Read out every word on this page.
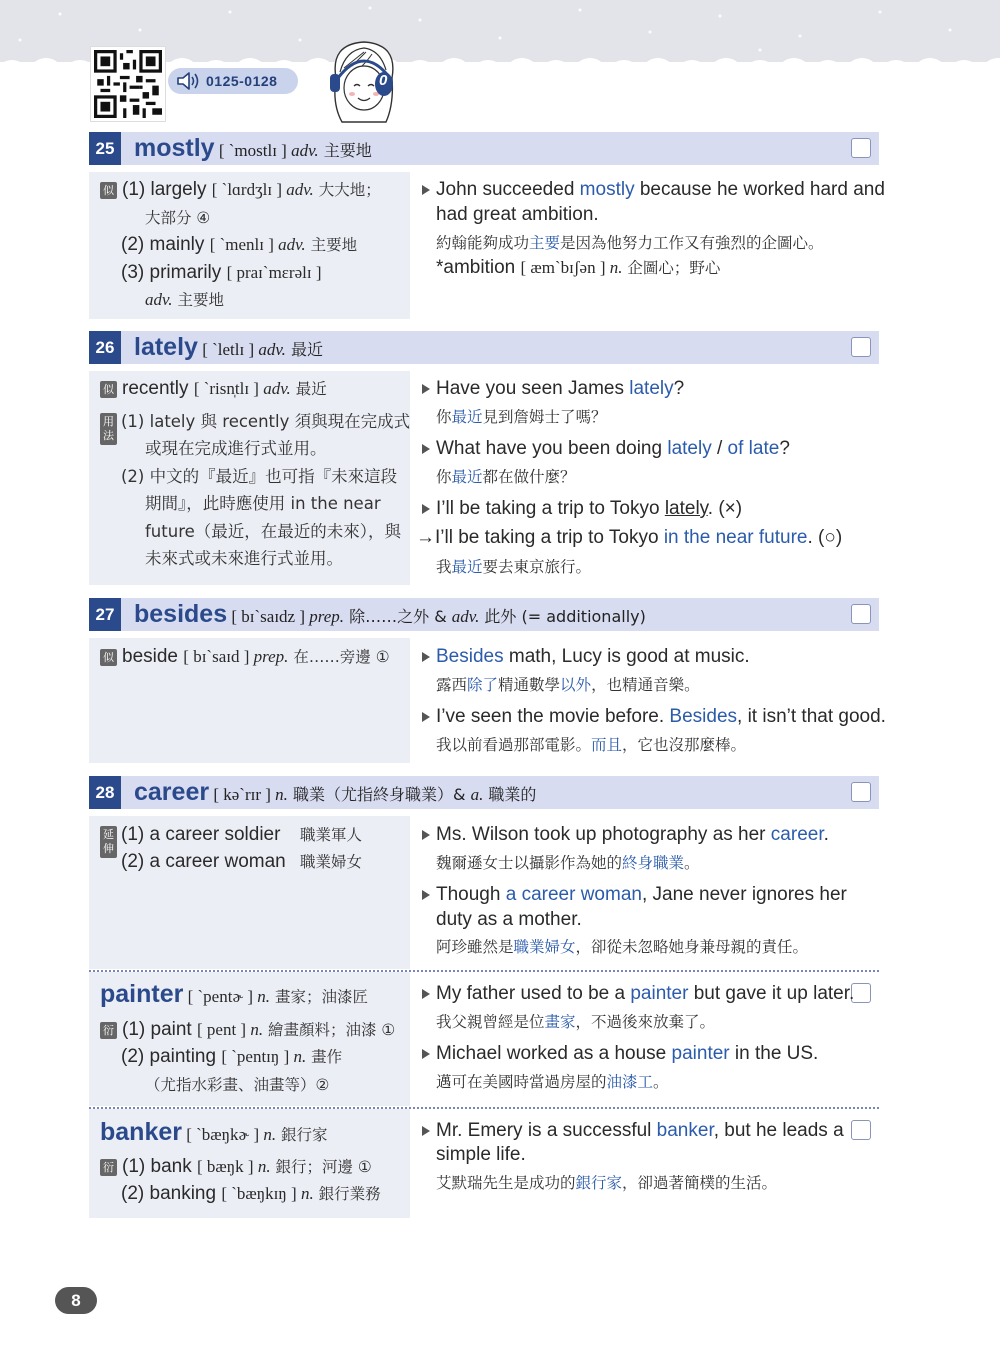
0125-0128	0
25 mostly [ ˋmostlɪ ] adv. 主要地
似 (1) largely [ ˋlɑrdʒlɪ ] adv. 大大地；
大部分 ④
(2) mainly [ ˋmenlɪ ] adv. 主要地
(3) primarily [ praɪˋmɛrəlɪ ]
adv. 主要地
John succeeded mostly because he worked hard and
had great ambition.
約翰能夠成功主要是因為他努力工作又有強烈的企圖心。
*ambition [ æmˋbɪʃən ] n. 企圖心；野心
26 lately [ ˋletlɪ ] adv. 最近
似 recently [ ˋrisn̩tlɪ ] adv. 最近
用
法
(1) lately 與 recently 須與現在完成式
或現在完成進行式並用。
(2) 中文的『最近』也可指『未來這段
期間』，此時應使用 in the near
future（最近，在最近的未來），與
未來式或未來進行式並用。
Have you seen James lately?
你最近見到詹姆士了嗎？
What have you been doing lately / of late?
你最近都在做什麼？
I’ll be taking a trip to Tokyo lately. (×)
→I’ll be taking a trip to Tokyo in the near future. (○)
我最近要去東京旅行。
27 besides [ bɪˋsaɪdz ] prep. 除……之外 & adv. 此外 (= additionally)
似 beside [ bɪˋsaɪd ] prep. 在……旁邊 ①	Besides math, Lucy is good at music.
露西除了精通數學以外，也精通音樂。
I’ve seen the movie before. Besides, it isn’t that good.
我以前看過那部電影。而且，它也沒那麼棒。
28 career [ kəˋrɪr ] n. 職業（尤指終身職業）& a. 職業的
延
伸
(1) a career soldier 職業軍人
(2) a career woman 職業婦女
Ms. Wilson took up photography as her career.
魏爾遜女士以攝影作為她的終身職業。
Though a career woman, Jane never ignores her
duty as a mother.
阿珍雖然是職業婦女，卻從未忽略她身兼母親的責任。
painter [ ˋpentɚ ] n. 畫家；油漆匠
衍 (1) paint [ pent ] n. 繪畫顏料；油漆 ①
(2) painting [ ˋpentɪŋ ] n. 畫作
（尤指水彩畫、油畫等）②
My father used to be a painter but gave it up later.
我父親曾經是位畫家，不過後來放棄了。
Michael worked as a house painter in the US.
邁可在美國時當過房屋的油漆工。
banker [ ˋbæŋkɚ ] n. 銀行家
衍 (1) bank [ bæŋk ] n. 銀行；河邊 ①
(2) banking [ ˋbæŋkɪŋ ] n. 銀行業務
Mr. Emery is a successful banker, but he leads a
simple life.
艾默瑞先生是成功的銀行家，卻過著簡樸的生活。
8
